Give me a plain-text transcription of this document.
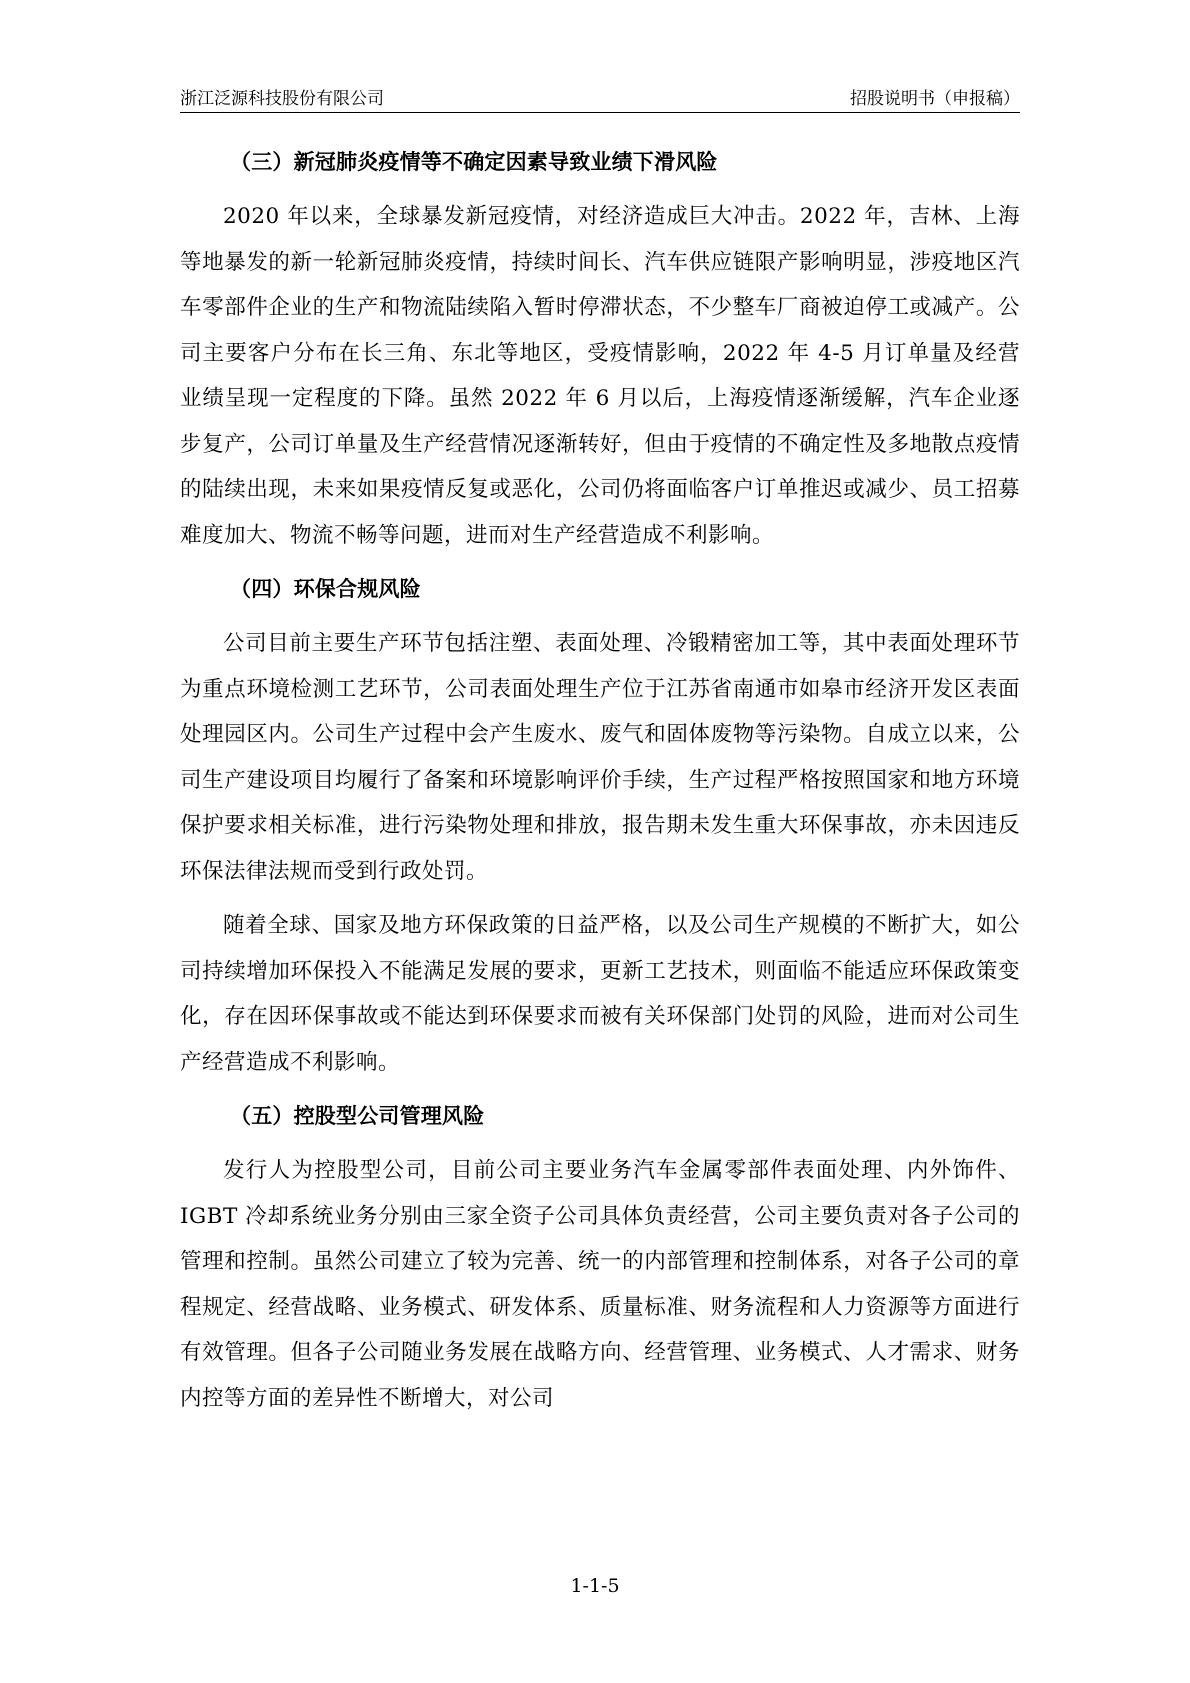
浙江泛源科技股份有限公司	招股说明书（申报稿）
（三）新冠肺炎疫情等不确定因素导致业绩下滑风险

2020 年以来，全球暴发新冠疫情，对经济造成巨大冲击。2022 年，吉林、上海等地暴发的新一轮新冠肺炎疫情，持续时间长、汽车供应链限产影响明显，涉疫地区汽车零部件企业的生产和物流陆续陷入暂时停滞状态，不少整车厂商被迫停工或减产。公司主要客户分布在长三角、东北等地区，受疫情影响，2022 年 4-5 月订单量及经营业绩呈现一定程度的下降。虽然 2022 年 6 月以后，上海疫情逐渐缓解，汽车企业逐步复产，公司订单量及生产经营情况逐渐转好，但由于疫情的不确定性及多地散点疫情的陆续出现，未来如果疫情反复或恶化，公司仍将面临客户订单推迟或减少、员工招募难度加大、物流不畅等问题，进而对生产经营造成不利影响。

（四）环保合规风险

公司目前主要生产环节包括注塑、表面处理、冷锻精密加工等，其中表面处理环节为重点环境检测工艺环节，公司表面处理生产位于江苏省南通市如皋市经济开发区表面处理园区内。公司生产过程中会产生废水、废气和固体废物等污染物。自成立以来，公司生产建设项目均履行了备案和环境影响评价手续，生产过程严格按照国家和地方环境保护要求相关标准，进行污染物处理和排放，报告期未发生重大环保事故，亦未因违反环保法律法规而受到行政处罚。

随着全球、国家及地方环保政策的日益严格，以及公司生产规模的不断扩大，如公司持续增加环保投入不能满足发展的要求，更新工艺技术，则面临不能适应环保政策变化，存在因环保事故或不能达到环保要求而被有关环保部门处罚的风险，进而对公司生产经营造成不利影响。

（五）控股型公司管理风险

发行人为控股型公司，目前公司主要业务汽车金属零部件表面处理、内外饰件、IGBT 冷却系统业务分别由三家全资子公司具体负责经营，公司主要负责对各子公司的管理和控制。虽然公司建立了较为完善、统一的内部管理和控制体系，对各子公司的章程规定、经营战略、业务模式、研发体系、质量标准、财务流程和人力资源等方面进行有效管理。但各子公司随业务发展在战略方向、经营管理、业务模式、人才需求、财务内控等方面的差异性不断增大，对公司

1-1-5
